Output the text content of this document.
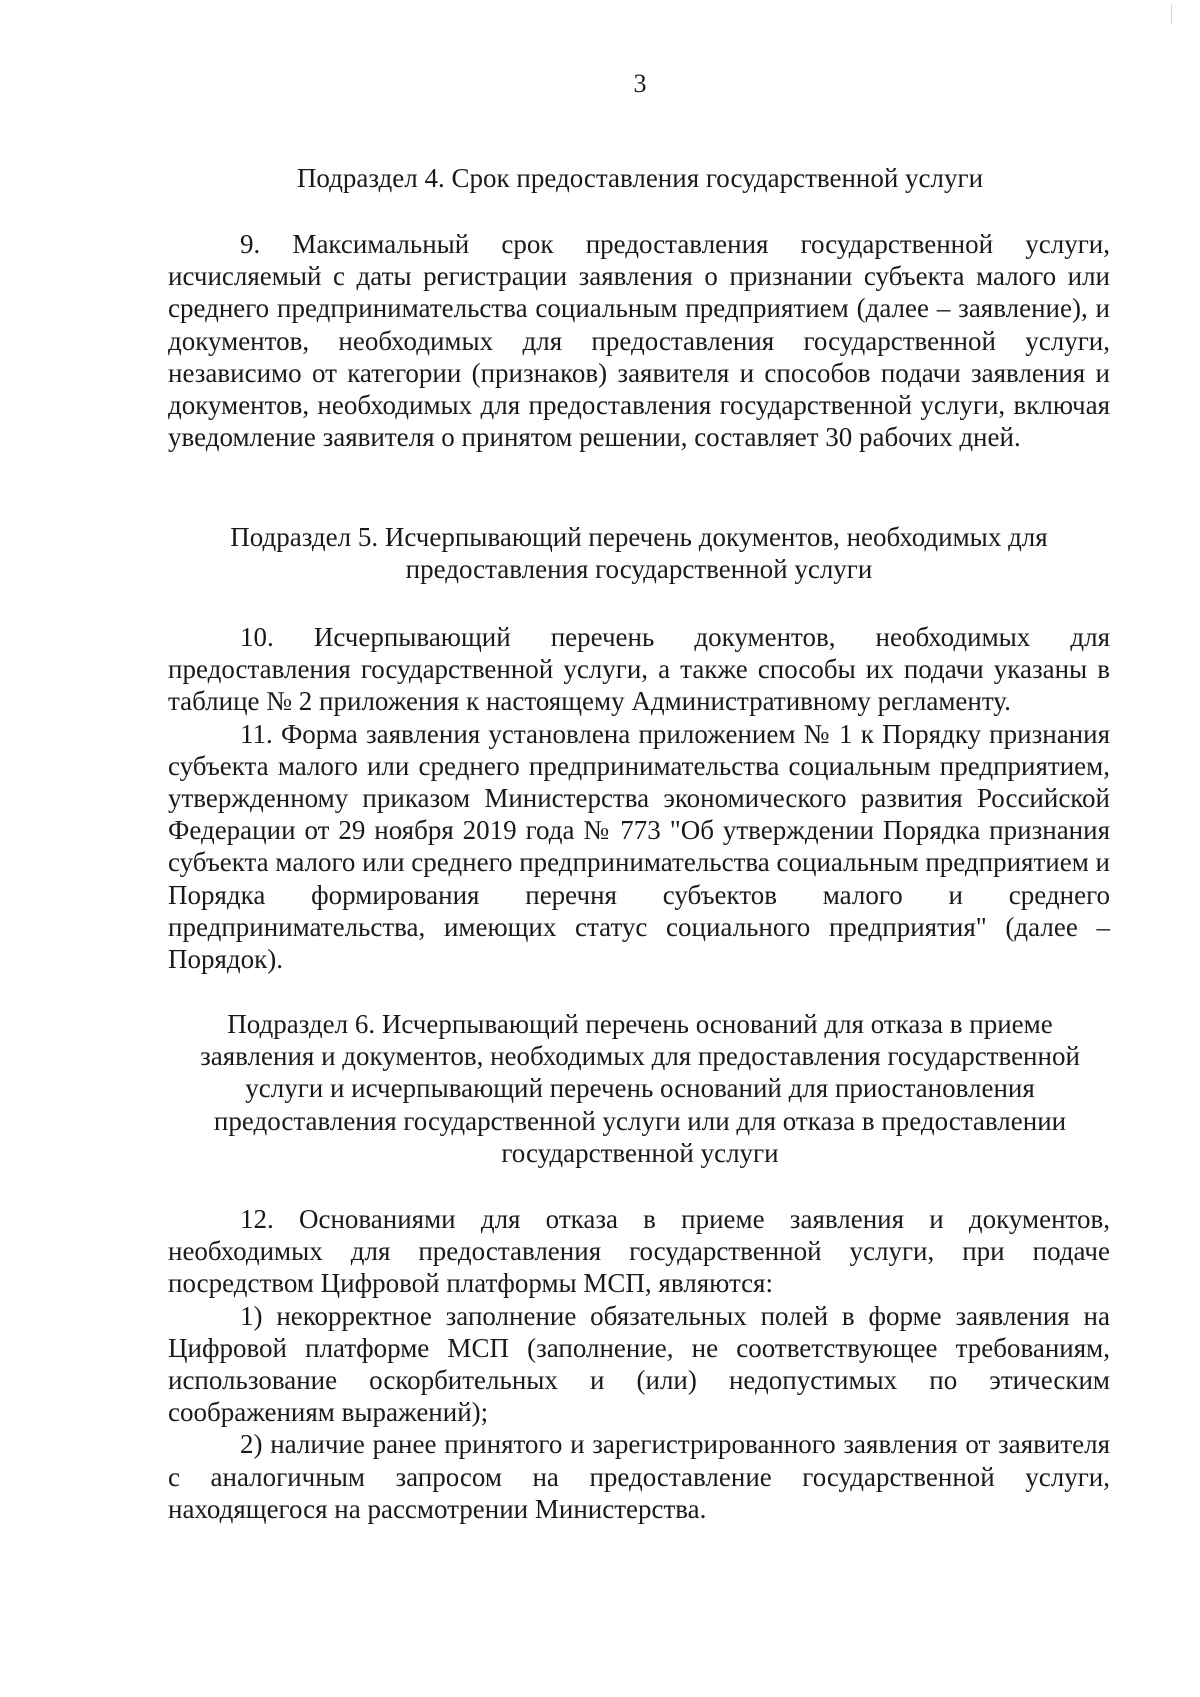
3

Подраздел 4. Срок предоставления государственной услуги

9. Максимальный срок предоставления государственной услуги, исчисляемый с даты регистрации заявления о признании субъекта малого или среднего предпринимательства социальным предприятием (далее – заявление), и документов, необходимых для предоставления государственной услуги, независимо от категории (признаков) заявителя и способов подачи заявления и документов, необходимых для предоставления государственной услуги, включая уведомление заявителя о принятом решении, составляет 30 рабочих дней.

Подраздел 5. Исчерпывающий перечень документов, необходимых для предоставления государственной услуги

10. Исчерпывающий перечень документов, необходимых для предоставления государственной услуги, а также способы их подачи указаны в таблице № 2 приложения к настоящему Административному регламенту.

11. Форма заявления установлена приложением № 1 к Порядку признания субъекта малого или среднего предпринимательства социальным предприятием, утвержденному приказом Министерства экономического развития Российской Федерации от 29 ноября 2019 года № 773 "Об утверждении Порядка признания субъекта малого или среднего предпринимательства социальным предприятием и Порядка формирования перечня субъектов малого и среднего предпринимательства, имеющих статус социального предприятия" (далее – Порядок).

Подраздел 6. Исчерпывающий перечень оснований для отказа в приеме заявления и документов, необходимых для предоставления государственной услуги и исчерпывающий перечень оснований для приостановления предоставления государственной услуги или для отказа в предоставлении государственной услуги

12. Основаниями для отказа в приеме заявления и документов, необходимых для предоставления государственной услуги, при подаче посредством Цифровой платформы МСП, являются:

1) некорректное заполнение обязательных полей в форме заявления на Цифровой платформе МСП (заполнение, не соответствующее требованиям, использование оскорбительных и (или) недопустимых по этическим соображениям выражений);

2) наличие ранее принятого и зарегистрированного заявления от заявителя с аналогичным запросом на предоставление государственной услуги, находящегося на рассмотрении Министерства.
